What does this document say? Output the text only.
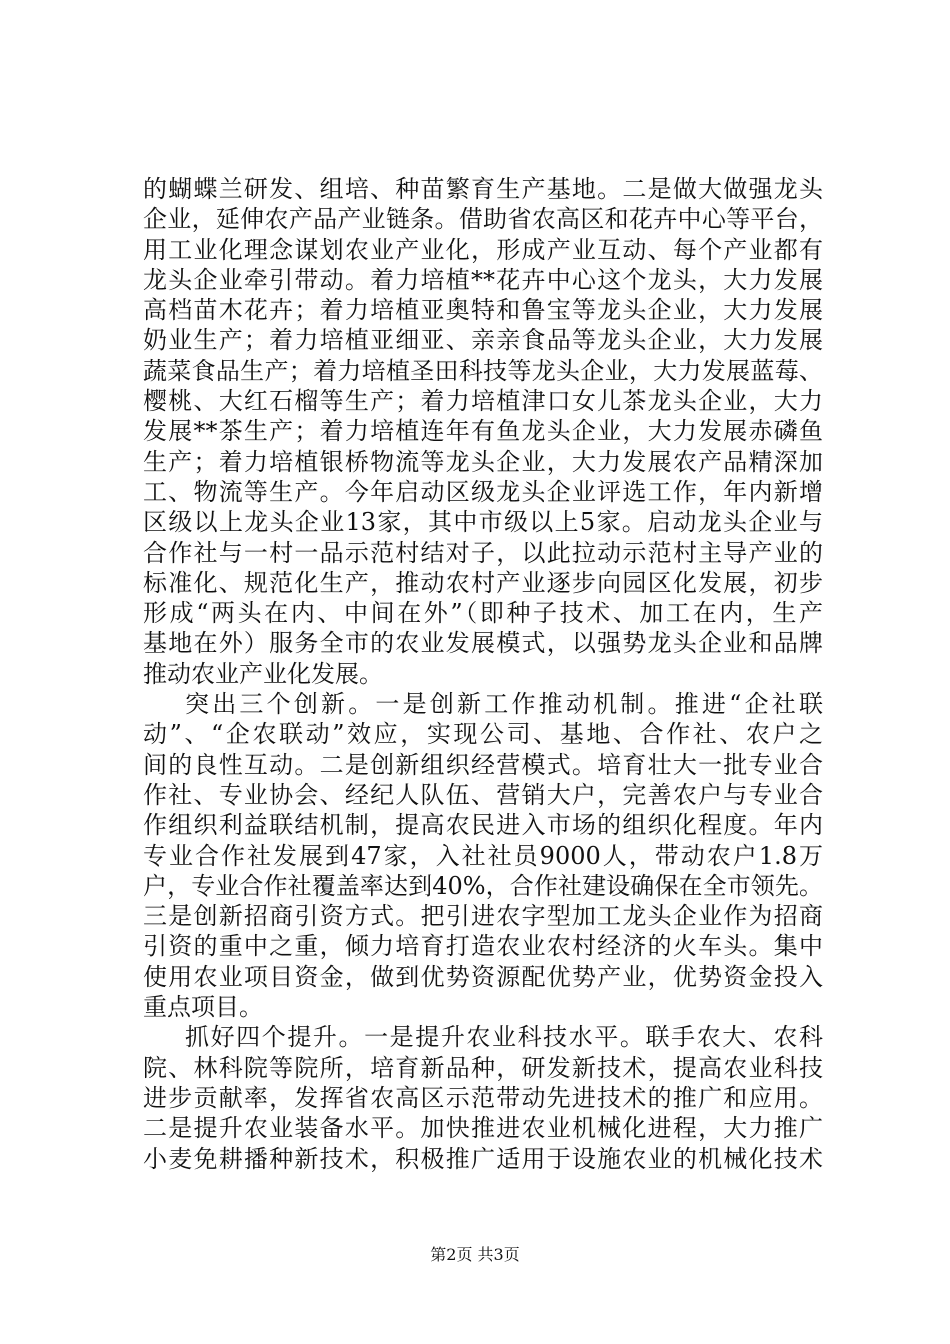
的蝴蝶兰研发、组培、种苗繁育生产基地。二是做大做强龙头
企业，延伸农产品产业链条。借助省农高区和花卉中心等平台，
用工业化理念谋划农业产业化，形成产业互动、每个产业都有
龙头企业牵引带动。着力培植**花卉中心这个龙头，大力发展
高档苗木花卉；着力培植亚奥特和鲁宝等龙头企业，大力发展
奶业生产；着力培植亚细亚、亲亲食品等龙头企业，大力发展
蔬菜食品生产；着力培植圣田科技等龙头企业，大力发展蓝莓、
樱桃、大红石榴等生产；着力培植津口女儿茶龙头企业，大力
发展**茶生产；着力培植连年有鱼龙头企业，大力发展赤磷鱼
生产；着力培植银桥物流等龙头企业，大力发展农产品精深加
工、物流等生产。今年启动区级龙头企业评选工作，年内新增
区级以上龙头企业13家，其中市级以上5家。启动龙头企业与
合作社与一村一品示范村结对子，以此拉动示范村主导产业的
标准化、规范化生产，推动农村产业逐步向园区化发展，初步
形成“两头在内、中间在外”（即种子技术、加工在内，生产
基地在外）服务全市的农业发展模式，以强势龙头企业和品牌
推动农业产业化发展。
突出三个创新。一是创新工作推动机制。推进“企社联
动”、“企农联动”效应，实现公司、基地、合作社、农户之
间的良性互动。二是创新组织经营模式。培育壮大一批专业合
作社、专业协会、经纪人队伍、营销大户，完善农户与专业合
作组织利益联结机制，提高农民进入市场的组织化程度。年内
专业合作社发展到47家，入社社员9000人，带动农户1.8万
户，专业合作社覆盖率达到40%，合作社建设确保在全市领先。
三是创新招商引资方式。把引进农字型加工龙头企业作为招商
引资的重中之重，倾力培育打造农业农村经济的火车头。集中
使用农业项目资金，做到优势资源配优势产业，优势资金投入
重点项目。
抓好四个提升。一是提升农业科技水平。联手农大、农科
院、林科院等院所，培育新品种，研发新技术，提高农业科技
进步贡献率，发挥省农高区示范带动先进技术的推广和应用。
二是提升农业装备水平。加快推进农业机械化进程，大力推广
小麦免耕播种新技术，积极推广适用于设施农业的机械化技术
第2页 共3页
